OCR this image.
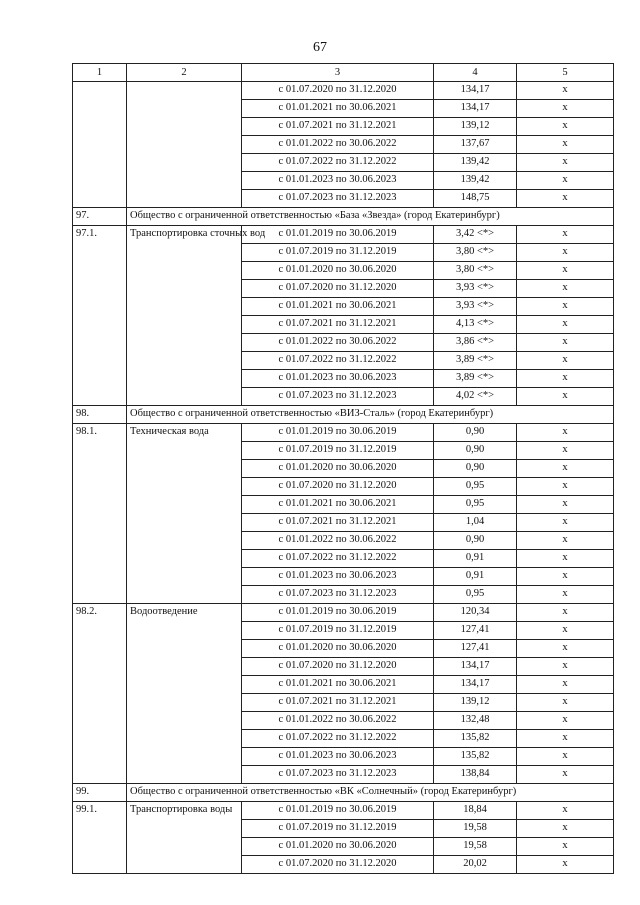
67
1	2	3	4	5
		с 01.07.2020 по 31.12.2020	134,17	х
		с 01.01.2021 по 30.06.2021	134,17	х
		с 01.07.2021 по 31.12.2021	139,12	х
		с 01.01.2022 по 30.06.2022	137,67	х
		с 01.07.2022 по 31.12.2022	139,42	х
		с 01.01.2023 по 30.06.2023	139,42	х
		с 01.07.2023 по 31.12.2023	148,75	х
97.	Общество с ограниченной ответственностью «База «Звезда» (город Екатеринбург)			
97.1.	Транспортировка сточных вод	с 01.01.2019 по 30.06.2019	3,42 <*>	х
		с 01.07.2019 по 31.12.2019	3,80 <*>	х
		с 01.01.2020 по 30.06.2020	3,80 <*>	х
		с 01.07.2020 по 31.12.2020	3,93 <*>	х
		с 01.01.2021 по 30.06.2021	3,93 <*>	х
		с 01.07.2021 по 31.12.2021	4,13 <*>	х
		с 01.01.2022 по 30.06.2022	3,86 <*>	х
		с 01.07.2022 по 31.12.2022	3,89 <*>	х
		с 01.01.2023 по 30.06.2023	3,89 <*>	х
		с 01.07.2023 по 31.12.2023	4,02 <*>	х
98.	Общество с ограниченной ответственностью «ВИЗ-Сталь» (город Екатеринбург)			
98.1.	Техническая вода	с 01.01.2019 по 30.06.2019	0,90	х
		с 01.07.2019 по 31.12.2019	0,90	х
		с 01.01.2020 по 30.06.2020	0,90	х
		с 01.07.2020 по 31.12.2020	0,95	х
		с 01.01.2021 по 30.06.2021	0,95	х
		с 01.07.2021 по 31.12.2021	1,04	х
		с 01.01.2022 по 30.06.2022	0,90	х
		с 01.07.2022 по 31.12.2022	0,91	х
		с 01.01.2023 по 30.06.2023	0,91	х
		с 01.07.2023 по 31.12.2023	0,95	х
98.2.	Водоотведение	с 01.01.2019 по 30.06.2019	120,34	х
		с 01.07.2019 по 31.12.2019	127,41	х
		с 01.01.2020 по 30.06.2020	127,41	х
		с 01.07.2020 по 31.12.2020	134,17	х
		с 01.01.2021 по 30.06.2021	134,17	х
		с 01.07.2021 по 31.12.2021	139,12	х
		с 01.01.2022 по 30.06.2022	132,48	х
		с 01.07.2022 по 31.12.2022	135,82	х
		с 01.01.2023 по 30.06.2023	135,82	х
		с 01.07.2023 по 31.12.2023	138,84	х
99.	Общество с ограниченной ответственностью «ВК «Солнечный» (город Екатеринбург)			
99.1.	Транспортировка воды	с 01.01.2019 по 30.06.2019	18,84	х
		с 01.07.2019 по 31.12.2019	19,58	х
		с 01.01.2020 по 30.06.2020	19,58	х
		с 01.07.2020 по 31.12.2020	20,02	х
